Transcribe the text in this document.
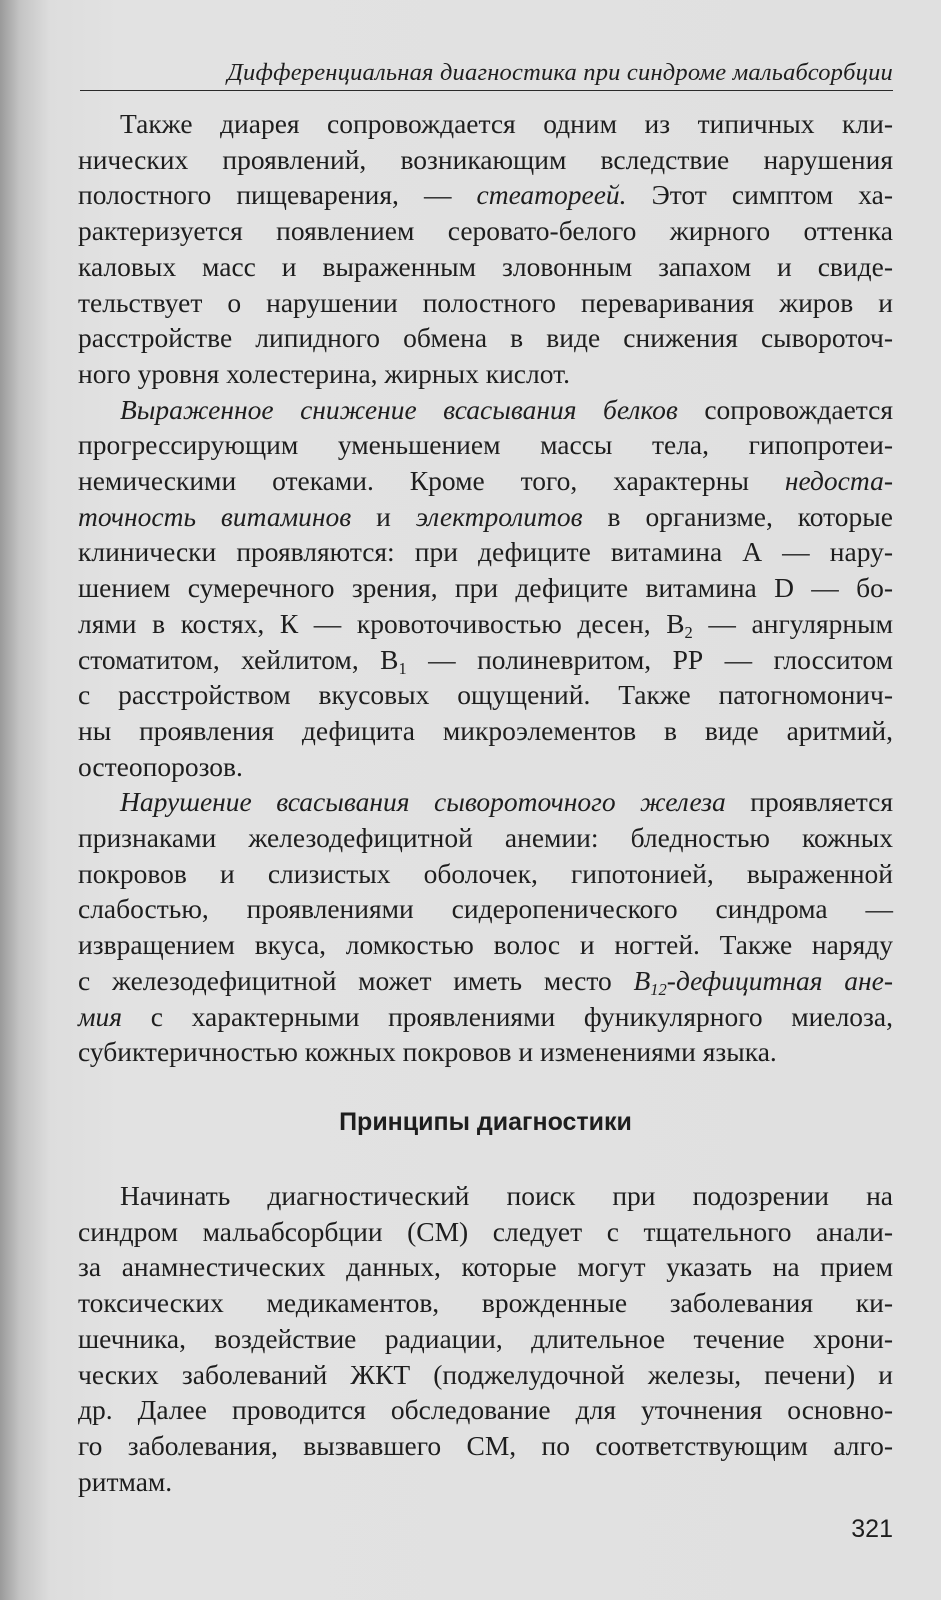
Дифференциальная диагностика при синдроме мальабсорбции

Также диарея сопровождается одним из типичных кли-
нических проявлений, возникающим вследствие нарушения
полостного пищеварения, — стеатореей. Этот симптом ха-
рактеризуется появлением серовато-белого жирного оттенка
каловых масс и выраженным зловонным запахом и свиде-
тельствует о нарушении полостного переваривания жиров и
расстройстве липидного обмена в виде снижения сывороточ-
ного уровня холестерина, жирных кислот.

Выраженное снижение всасывания белков сопровождается
прогрессирующим уменьшением массы тела, гипопротеи-
немическими отеками. Кроме того, характерны недоста-
точность витаминов и электролитов в организме, которые
клинически проявляются: при дефиците витамина А — нару-
шением сумеречного зрения, при дефиците витамина D — бо-
лями в костях, К — кровоточивостью десен, $В_2$ — ангулярным
стоматитом, хейлитом, $В_1$ — полиневритом, РР — глосситом
с расстройством вкусовых ощущений. Также патогномонич-
ны проявления дефицита микроэлементов в виде аритмий,
остеопорозов.

Нарушение всасывания сывороточного железа проявляется
признаками железодефицитной анемии: бледностью кожных
покровов и слизистых оболочек, гипотонией, выраженной
слабостью, проявлениями сидеропенического синдрома —
извращением вкуса, ломкостью волос и ногтей. Также наряду
с железодефицитной может иметь место $В_{12}$-дефицитная ане-
мия с характерными проявлениями фуникулярного миелоза,
субиктеричностью кожных покровов и изменениями языка.

Принципы диагностики

Начинать диагностический поиск при подозрении на
синдром мальабсорбции (СМ) следует с тщательного анали-
за анамнестических данных, которые могут указать на прием
токсических медикаментов, врожденные заболевания ки-
шечника, воздействие радиации, длительное течение хрони-
ческих заболеваний ЖКТ (поджелудочной железы, печени) и
др. Далее проводится обследование для уточнения основно-
го заболевания, вызвавшего СМ, по соответствующим алго-
ритмам.

321
